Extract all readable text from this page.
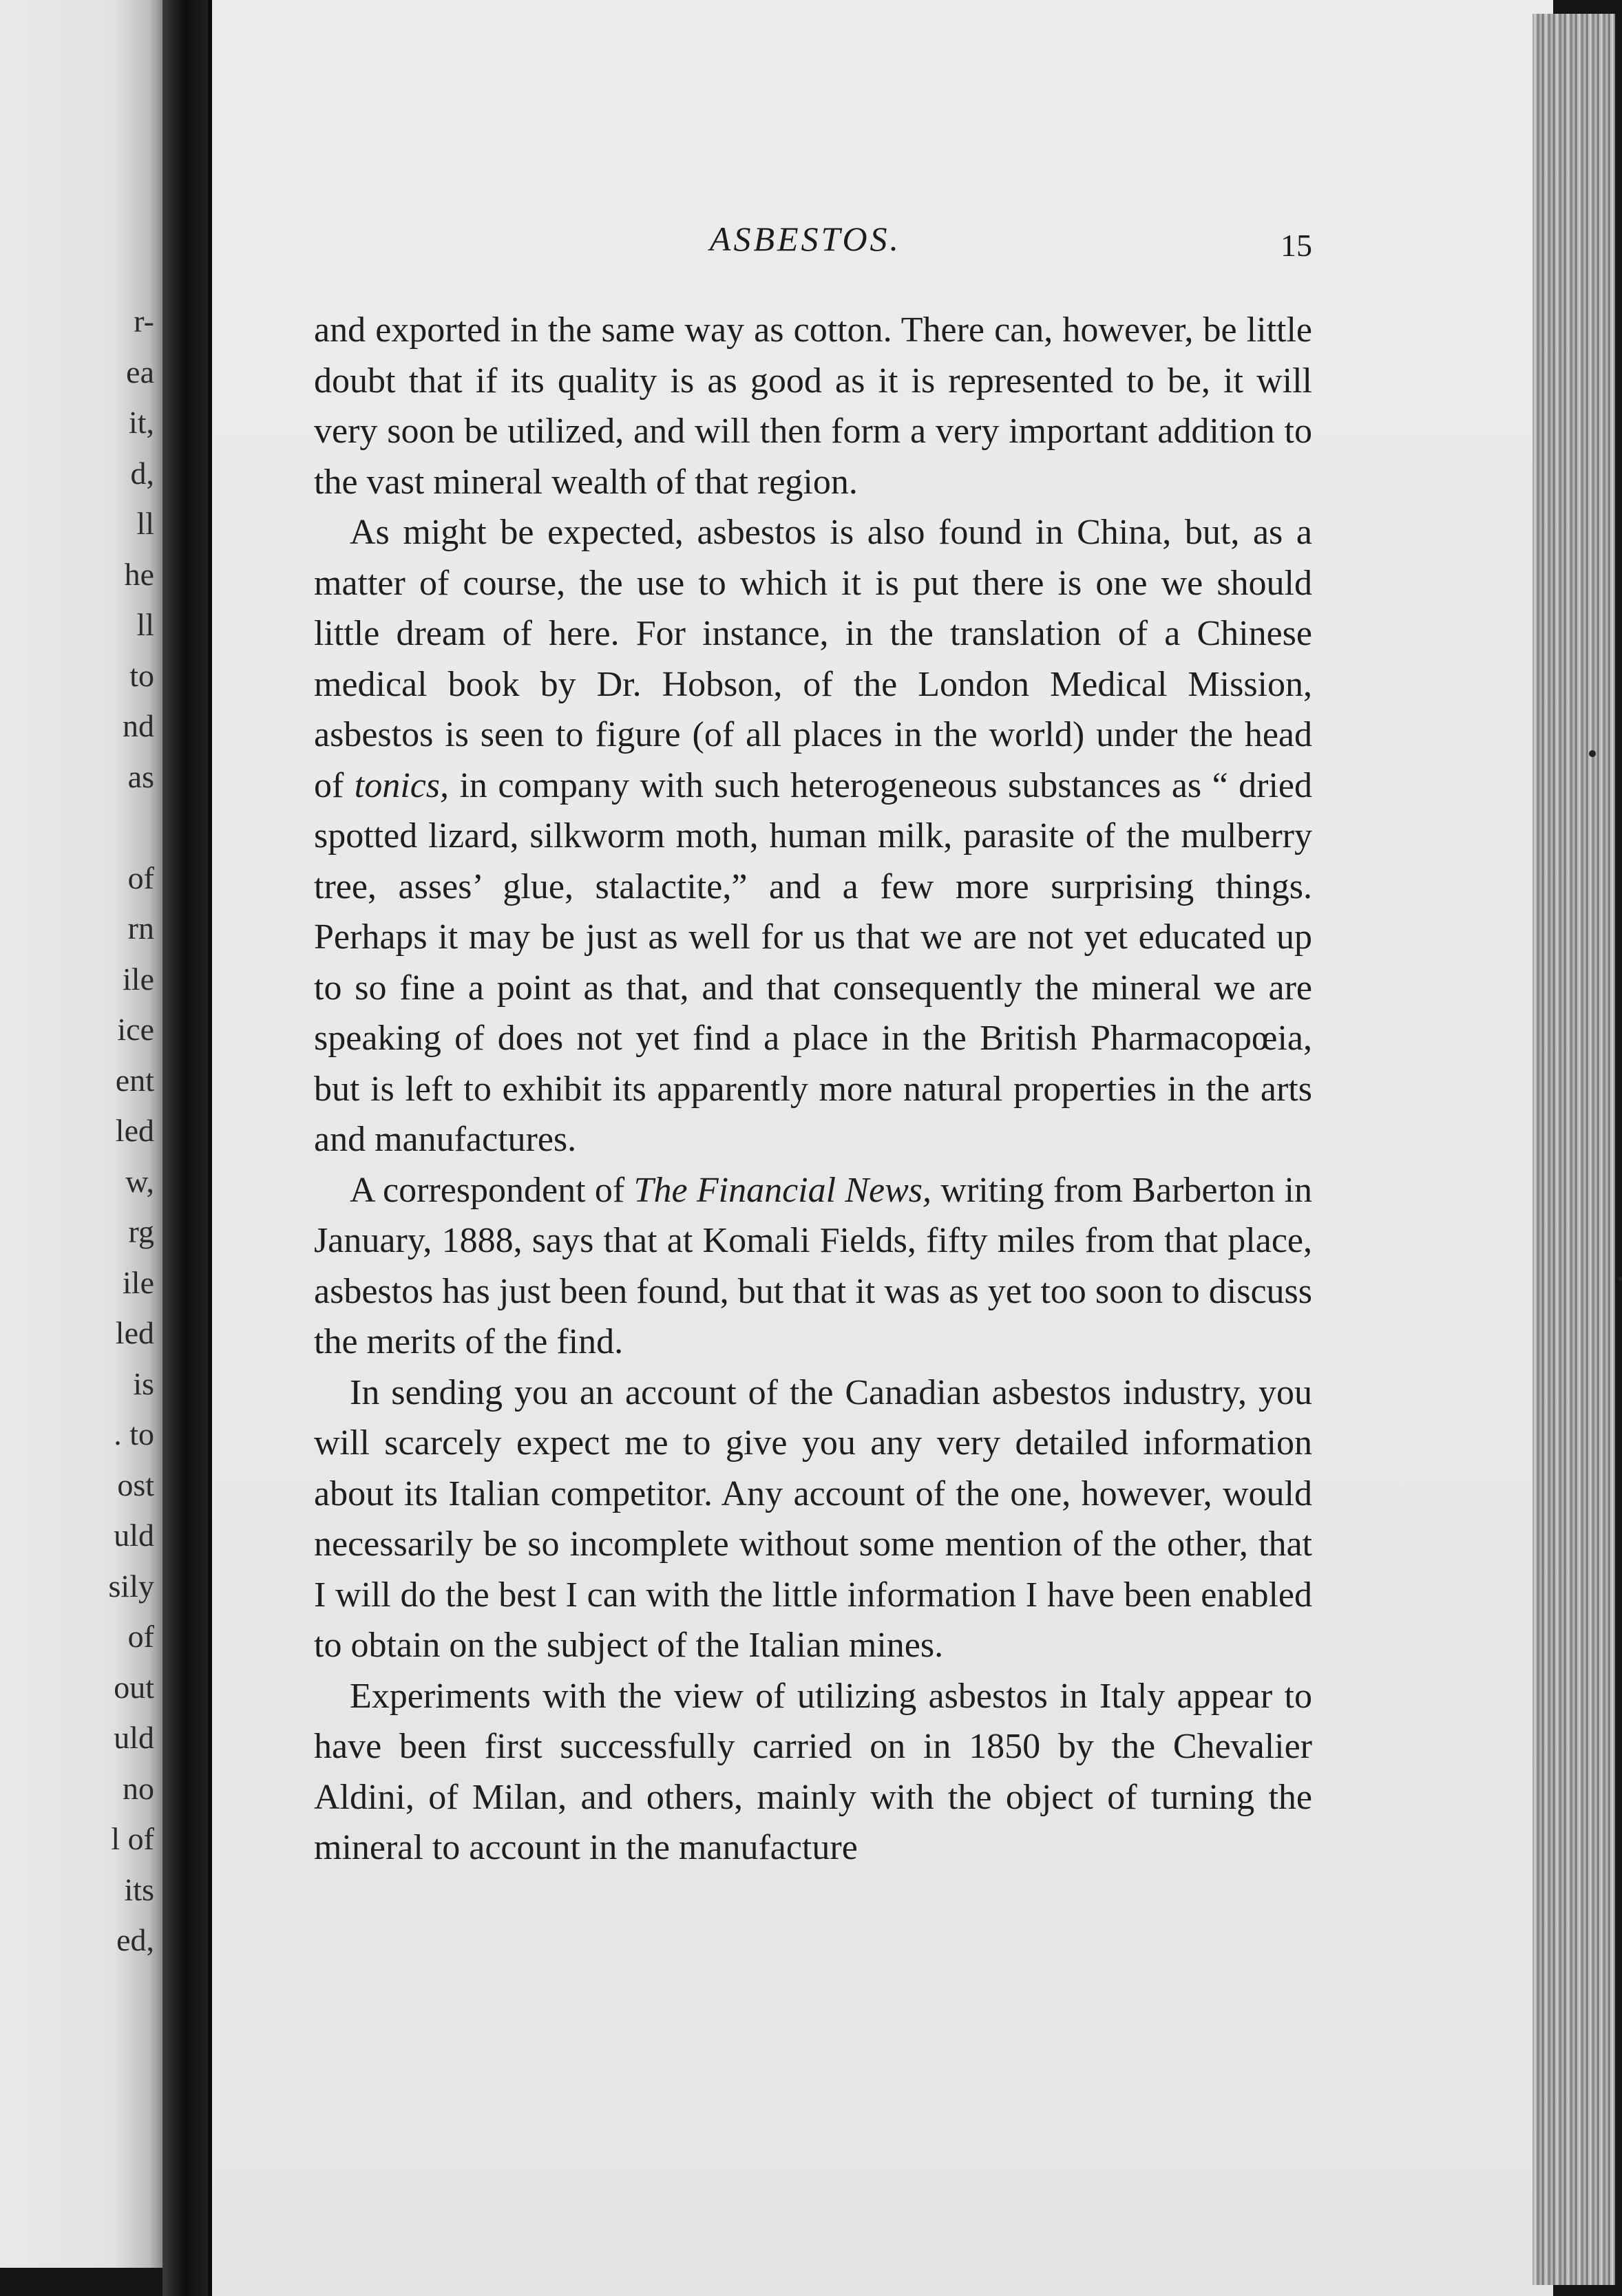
r-
ea
it,
d,
ll
he
ll
to
nd
as

of
rn
ile
ice
ent
led
w,
rg
ile
led
is
. to
ost
uld
sily
of
out
uld
no
l of
its
ed,
ASBESTOS.	15

and exported in the same way as cotton. There can, however, be little doubt that if its quality is as good as it is represented to be, it will very soon be utilized, and will then form a very important addition to the vast mineral wealth of that region.

As might be expected, asbestos is also found in China, but, as a matter of course, the use to which it is put there is one we should little dream of here. For instance, in the translation of a Chinese medical book by Dr. Hobson, of the London Medical Mission, asbestos is seen to figure (of all places in the world) under the head of tonics, in company with such heterogeneous substances as “ dried spotted lizard, silkworm moth, human milk, parasite of the mulberry tree, asses’ glue, stalactite,” and a few more surprising things. Perhaps it may be just as well for us that we are not yet educated up to so fine a point as that, and that consequently the mineral we are speaking of does not yet find a place in the British Pharmacopœia, but is left to exhibit its apparently more natural properties in the arts and manufactures.

A correspondent of The Financial News, writing from Barberton in January, 1888, says that at Komali Fields, fifty miles from that place, asbestos has just been found, but that it was as yet too soon to discuss the merits of the find.

In sending you an account of the Canadian asbestos industry, you will scarcely expect me to give you any very detailed information about its Italian competitor. Any account of the one, however, would necessarily be so incomplete without some mention of the other, that I will do the best I can with the little information I have been enabled to obtain on the subject of the Italian mines.

Experiments with the view of utilizing asbestos in Italy appear to have been first successfully carried on in 1850 by the Chevalier Aldini, of Milan, and others, mainly with the object of turning the mineral to account in the manufacture
